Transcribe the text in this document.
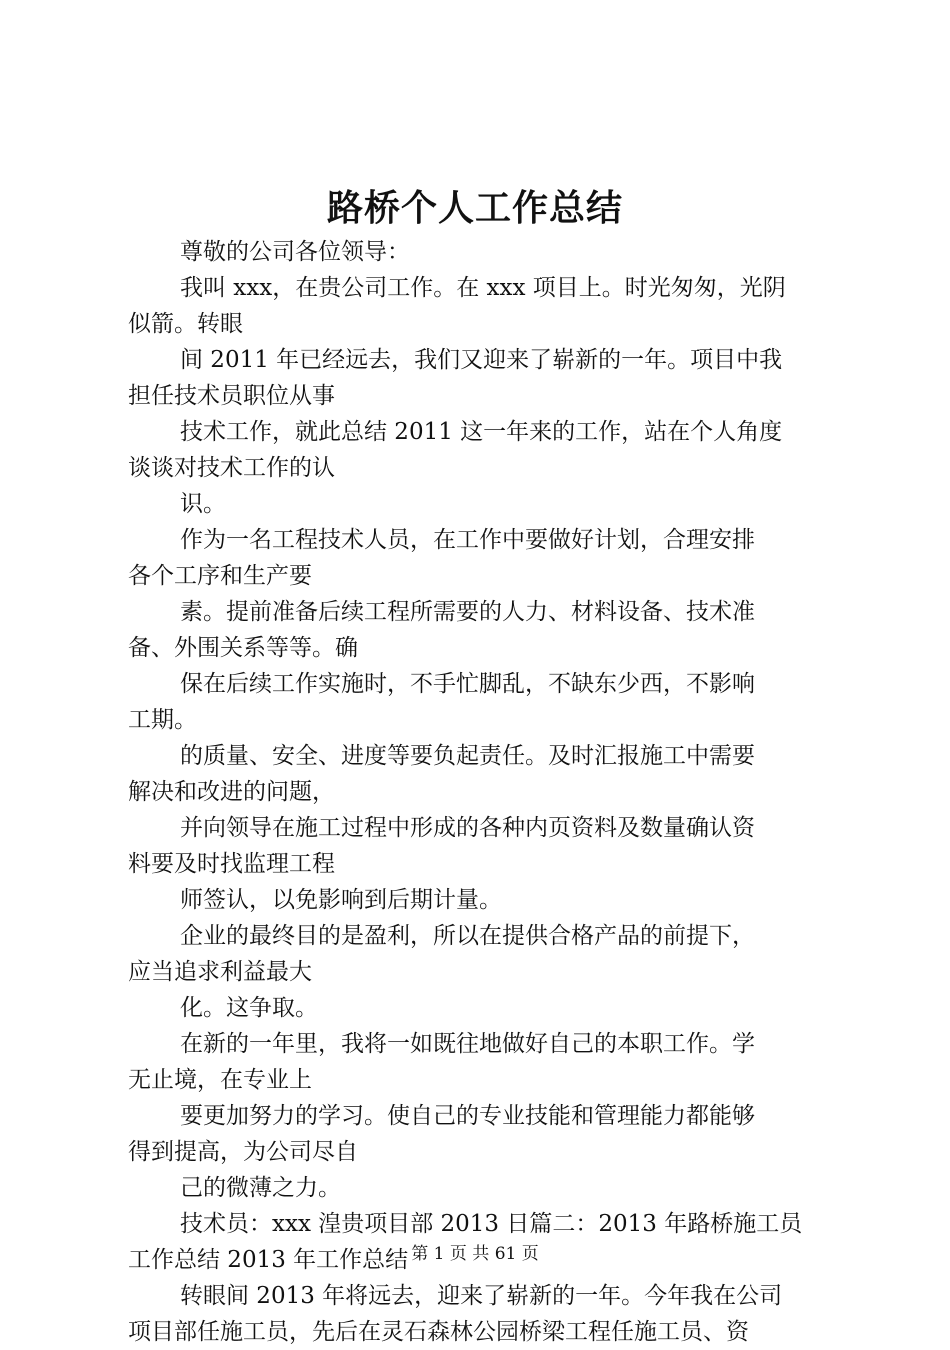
路桥个人工作总结
尊敬的公司各位领导：
我叫 xxx，在贵公司工作。在 xxx 项目上。时光匆匆，光阴
似箭。转眼
间 2011 年已经远去，我们又迎来了崭新的一年。项目中我
担任技术员职位从事
技术工作，就此总结 2011 这一年来的工作，站在个人角度
谈谈对技术工作的认
识。
作为一名工程技术人员，在工作中要做好计划，合理安排
各个工序和生产要
素。提前准备后续工程所需要的人力、材料设备、技术准
备、外围关系等等。确
保在后续工作实施时，不手忙脚乱，不缺东少西，不影响
工期。
的质量、安全、进度等要负起责任。及时汇报施工中需要
解决和改进的问题，
并向领导在施工过程中形成的各种内页资料及数量确认资
料要及时找监理工程
师签认，以免影响到后期计量。
企业的最终目的是盈利，所以在提供合格产品的前提下，
应当追求利益最大
化。这争取。
在新的一年里，我将一如既往地做好自己的本职工作。学
无止境，在专业上
要更加努力的学习。使自己的专业技能和管理能力都能够
得到提高，为公司尽自
己的微薄之力。
技术员：xxx 湟贵项目部 2013 日篇二：2013 年路桥施工员
工作总结 2013 年工作总结
转眼间 2013 年将远去，迎来了崭新的一年。今年我在公司
项目部任施工员，先后在灵石森林公园桥梁工程任施工员、资
第 1 页 共 61 页
